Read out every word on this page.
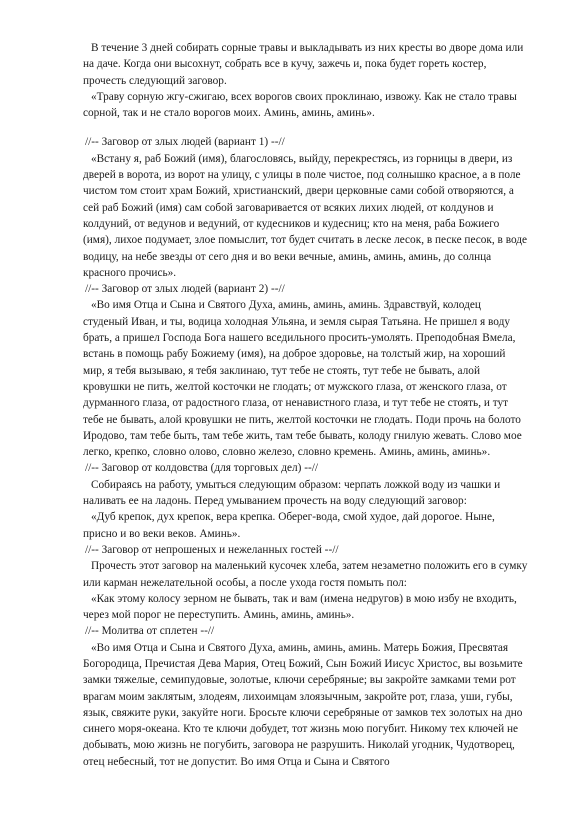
В течение 3 дней собирать сорные травы и выкладывать из них кресты во дворе дома или на даче. Когда они высохнут, собрать все в кучу, зажечь и, пока будет гореть костер, прочесть следующий заговор.

«Траву сорную жгу-сжигаю, всех ворогов своих проклинаю, извожу. Как не стало травы сорной, так и не стало ворогов моих. Аминь, аминь, аминь».

//-- Заговор от злых людей (вариант 1) --//

«Встану я, раб Божий (имя), благословясь, выйду, перекрестясь, из горницы в двери, из дверей в ворота, из ворот на улицу, с улицы в поле чистое, под солнышко красное, а в поле чистом том стоит храм Божий, христианский, двери церковные сами собой отворяются, а сей раб Божий (имя) сам собой заговаривается от всяких лихих людей, от колдунов и колдуний, от ведунов и ведуний, от кудесников и кудесниц; кто на меня, раба Божиего (имя), лихое подумает, злое помыслит, тот будет считать в леске лесок, в песке песок, в воде водицу, на небе звезды от сего дня и во веки вечные, аминь, аминь, аминь, до солнца красного прочись».

//-- Заговор от злых людей (вариант 2) --//

«Во имя Отца и Сына и Святого Духа, аминь, аминь, аминь. Здравствуй, колодец студеный Иван, и ты, водица холодная Ульяна, и земля сырая Татьяна. Не пришел я воду брать, а пришел Господа Бога нашего вседильного просить-умолять. Преподобная Вмела, встань в помощь рабу Божиему (имя), на доброе здоровье, на толстый жир, на хороший мир, я тебя вызываю, я тебя заклинаю, тут тебе не стоять, тут тебе не бывать, алой кровушки не пить, желтой косточки не глодать; от мужского глаза, от женского глаза, от дурманного глаза, от радостного глаза, от ненавистного глаза, и тут тебе не стоять, и тут тебе не бывать, алой кровушки не пить, желтой косточки не глодать. Поди прочь на болото Иродово, там тебе быть, там тебе жить, там тебе бывать, колоду гнилую жевать. Слово мое легко, крепко, словно олово, словно железо, словно кремень. Аминь, аминь, аминь».

//-- Заговор от колдовства (для торговых дел) --//

Собираясь на работу, умыться следующим образом: черпать ложкой воду из чашки и наливать ее на ладонь. Перед умыванием прочесть на воду следующий заговор:

«Дуб крепок, дух крепок, вера крепка. Оберег-вода, смой худое, дай дорогое. Ныне, присно и во веки веков. Аминь».

//-- Заговор от непрошеных и нежеланных гостей --//

Прочесть этот заговор на маленький кусочек хлеба, затем незаметно положить его в сумку или карман нежелательной особы, а после ухода гостя помыть пол:

«Как этому колосу зерном не бывать, так и вам (имена недругов) в мою избу не входить, через мой порог не переступить. Аминь, аминь, аминь».

//-- Молитва от сплетен --//

«Во имя Отца и Сына и Святого Духа, аминь, аминь, аминь. Матерь Божия, Пресвятая Богородица, Пречистая Дева Мария, Отец Божий, Сын Божий Иисус Христос, вы возьмите замки тяжелые, семипудовые, золотые, ключи серебряные; вы закройте замками теми рот врагам моим заклятым, злодеям, лихоимцам злоязычным, закройте рот, глаза, уши, губы, язык, свяжите руки, закуйте ноги. Бросьте ключи серебряные от замков тех золотых на дно синего моря-океана. Кто те ключи добудет, тот жизнь мою погубит. Никому тех ключей не добывать, мою жизнь не погубить, заговора не разрушить. Николай угодник, Чудотворец, отец небесный, тот не допустит. Во имя Отца и Сына и Святого
